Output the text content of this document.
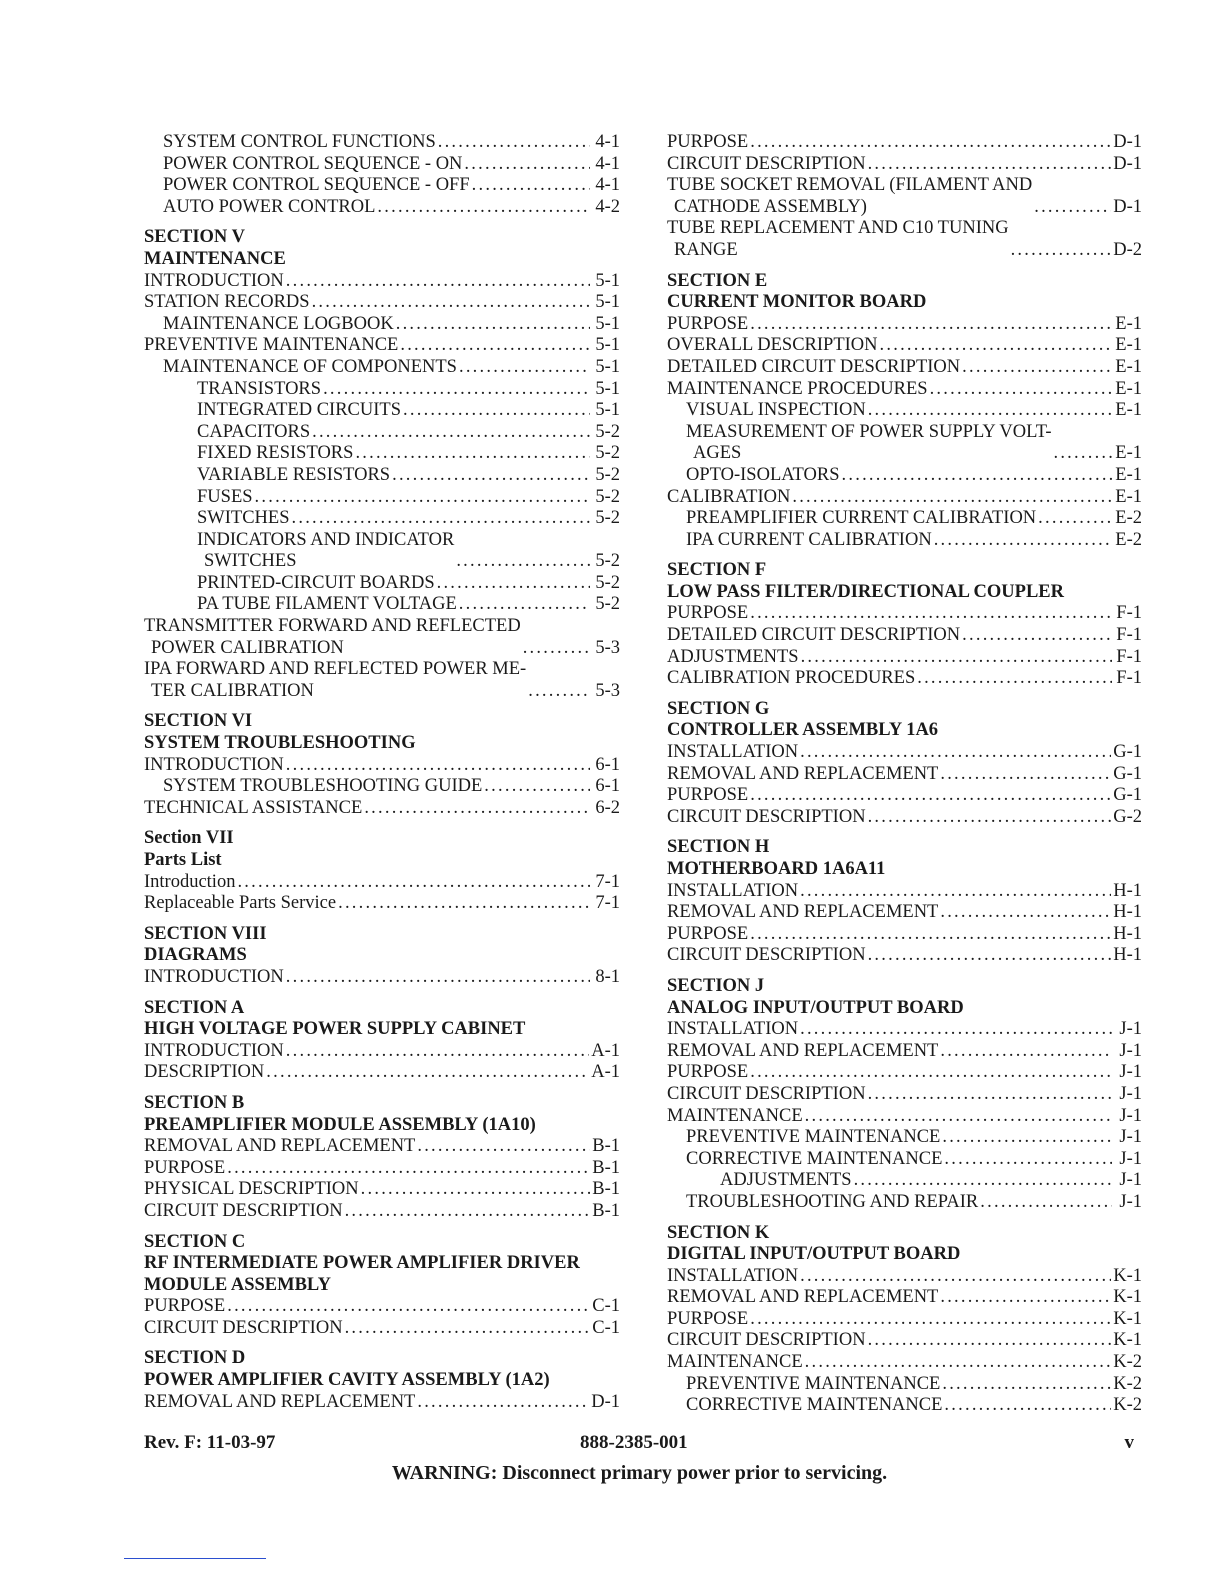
SYSTEM CONTROL FUNCTIONS . . .	4-1
POWER CONTROL SEQUENCE - ON . . .	4-1
POWER CONTROL SEQUENCE - OFF . . .	4-1
AUTO POWER CONTROL . . .	4-2
SECTION V
MAINTENANCE
INTRODUCTION . . .	5-1
STATION RECORDS . . .	5-1
MAINTENANCE LOGBOOK . . .	5-1
PREVENTIVE MAINTENANCE . . .	5-1
MAINTENANCE OF COMPONENTS . . .	5-1
TRANSISTORS . . .	5-1
INTEGRATED CIRCUITS . . .	5-1
CAPACITORS . . .	5-2
FIXED RESISTORS . . .	5-2
VARIABLE RESISTORS . . .	5-2
FUSES . . .	5-2
SWITCHES . . .	5-2
INDICATORS AND INDICATOR
SWITCHES . . .	5-2
PRINTED-CIRCUIT BOARDS . . .	5-2
PA TUBE FILAMENT VOLTAGE . . .	5-2
TRANSMITTER FORWARD AND REFLECTED
POWER CALIBRATION . . .	5-3
IPA FORWARD AND REFLECTED POWER ME-
TER CALIBRATION . . .	5-3
SECTION VI
SYSTEM TROUBLESHOOTING
INTRODUCTION . . .	6-1
SYSTEM TROUBLESHOOTING GUIDE . . .	6-1
TECHNICAL ASSISTANCE . . .	6-2
Section VII
Parts List
Introduction . . .	7-1
Replaceable Parts Service . . .	7-1
SECTION VIII
DIAGRAMS
INTRODUCTION . . .	8-1
SECTION A
HIGH VOLTAGE POWER SUPPLY CABINET
INTRODUCTION . . .	A-1
DESCRIPTION . . .	A-1
SECTION B
PREAMPLIFIER MODULE ASSEMBLY (1A10)
REMOVAL AND REPLACEMENT . . .	B-1
PURPOSE . . .	B-1
PHYSICAL DESCRIPTION . . .	B-1
CIRCUIT DESCRIPTION . . .	B-1
SECTION C
RF INTERMEDIATE POWER AMPLIFIER DRIVER
MODULE ASSEMBLY
PURPOSE . . .	C-1
CIRCUIT DESCRIPTION . . .	C-1
SECTION D
POWER AMPLIFIER CAVITY ASSEMBLY (1A2)
REMOVAL AND REPLACEMENT . . .	D-1
PURPOSE . . .	D-1
CIRCUIT DESCRIPTION . . .	D-1
TUBE SOCKET REMOVAL (FILAMENT AND
CATHODE ASSEMBLY) . . .	D-1
TUBE REPLACEMENT AND C10 TUNING
RANGE . . .	D-2
SECTION E
CURRENT MONITOR BOARD
PURPOSE . . .	E-1
OVERALL DESCRIPTION . . .	E-1
DETAILED CIRCUIT DESCRIPTION . . .	E-1
MAINTENANCE PROCEDURES . . .	E-1
VISUAL INSPECTION . . .	E-1
MEASUREMENT OF POWER SUPPLY VOLT-
AGES . . .	E-1
OPTO-ISOLATORS . . .	E-1
CALIBRATION . . .	E-1
PREAMPLIFIER CURRENT CALIBRATION . . .	E-2
IPA CURRENT CALIBRATION . . .	E-2
SECTION F
LOW PASS FILTER/DIRECTIONAL COUPLER
PURPOSE . . .	F-1
DETAILED CIRCUIT DESCRIPTION . . .	F-1
ADJUSTMENTS . . .	F-1
CALIBRATION PROCEDURES . . .	F-1
SECTION G
CONTROLLER ASSEMBLY 1A6
INSTALLATION . . .	G-1
REMOVAL AND REPLACEMENT . . .	G-1
PURPOSE . . .	G-1
CIRCUIT DESCRIPTION . . .	G-2
SECTION H
MOTHERBOARD 1A6A11
INSTALLATION . . .	H-1
REMOVAL AND REPLACEMENT . . .	H-1
PURPOSE . . .	H-1
CIRCUIT DESCRIPTION . . .	H-1
SECTION J
ANALOG INPUT/OUTPUT BOARD
INSTALLATION . . .	J-1
REMOVAL AND REPLACEMENT . . .	J-1
PURPOSE . . .	J-1
CIRCUIT DESCRIPTION . . .	J-1
MAINTENANCE . . .	J-1
PREVENTIVE MAINTENANCE . . .	J-1
CORRECTIVE MAINTENANCE . . .	J-1
ADJUSTMENTS . . .	J-1
TROUBLESHOOTING AND REPAIR . . .	J-1
SECTION K
DIGITAL INPUT/OUTPUT BOARD
INSTALLATION . . .	K-1
REMOVAL AND REPLACEMENT . . .	K-1
PURPOSE . . .	K-1
CIRCUIT DESCRIPTION . . .	K-1
MAINTENANCE . . .	K-2
PREVENTIVE MAINTENANCE . . .	K-2
CORRECTIVE MAINTENANCE . . .	K-2
Rev. F: 11-03-97	888-2385-001	v
WARNING: Disconnect primary power prior to servicing.
